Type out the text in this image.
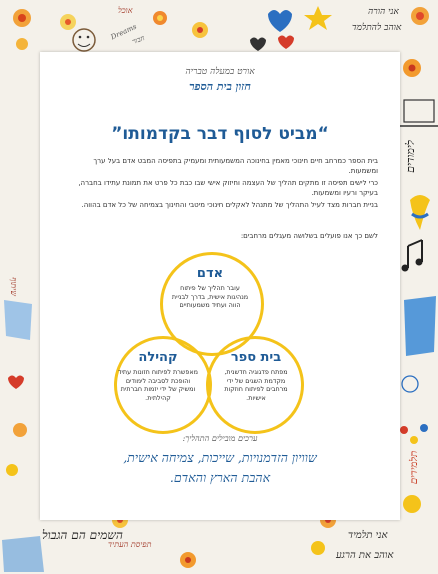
אוכל
Dreams
חבור
אני הורה
אוהב להתלמד
שיתוף
לימודים
תלמידים
השמים הם הגבול
תפיסת העתיד
אני תלמיד
אוהב את הרגע
אורט במעלה טבריה
חזון בית הספר
“מביט לסוף דבר בקדמותו”

בית הספר כמרחב חיים חינוכי מאמין בחינוכה המשמעותית ומעמיק בתפיסה המבט אדם בעל ערך ומשמעות.

כרי לישים תפיסה זו מתקים תהליך של העצמה וחיזוק אישי שבו כבת כל פרט את תמונת עתידו בחברה, בעיקר ורעיו ומשמעות.

בניית חברות מצד לעיל התהליך של מתנהל לאקלים חינוכי מיטבי והחינוך בצמיחה של כל אדם בהווה.

לשם כך אנו פועלים בשלושה מעגלים מרחבים:
אדם
עובר תהליך של פיתוח מנהיגות אישית, בדרך לבניית הווה ועתיד משמעותיים
קהילה
מאפשרת לפיתוח חזונות עתיד והופכת לסביבה לימודים ומשיק של ידי יזמות חברתית קהילתית.
בית ספר
מפתח פדגוגיה חדשנית, מקדמת השגים של ידי מרחבים לפיתוח חוזקות אישיות.
ערכים מובילים התהליך:
שוויון הזדמנויות, שייכות, צמיחה אישית,
אהבת הארץ והאדם.
